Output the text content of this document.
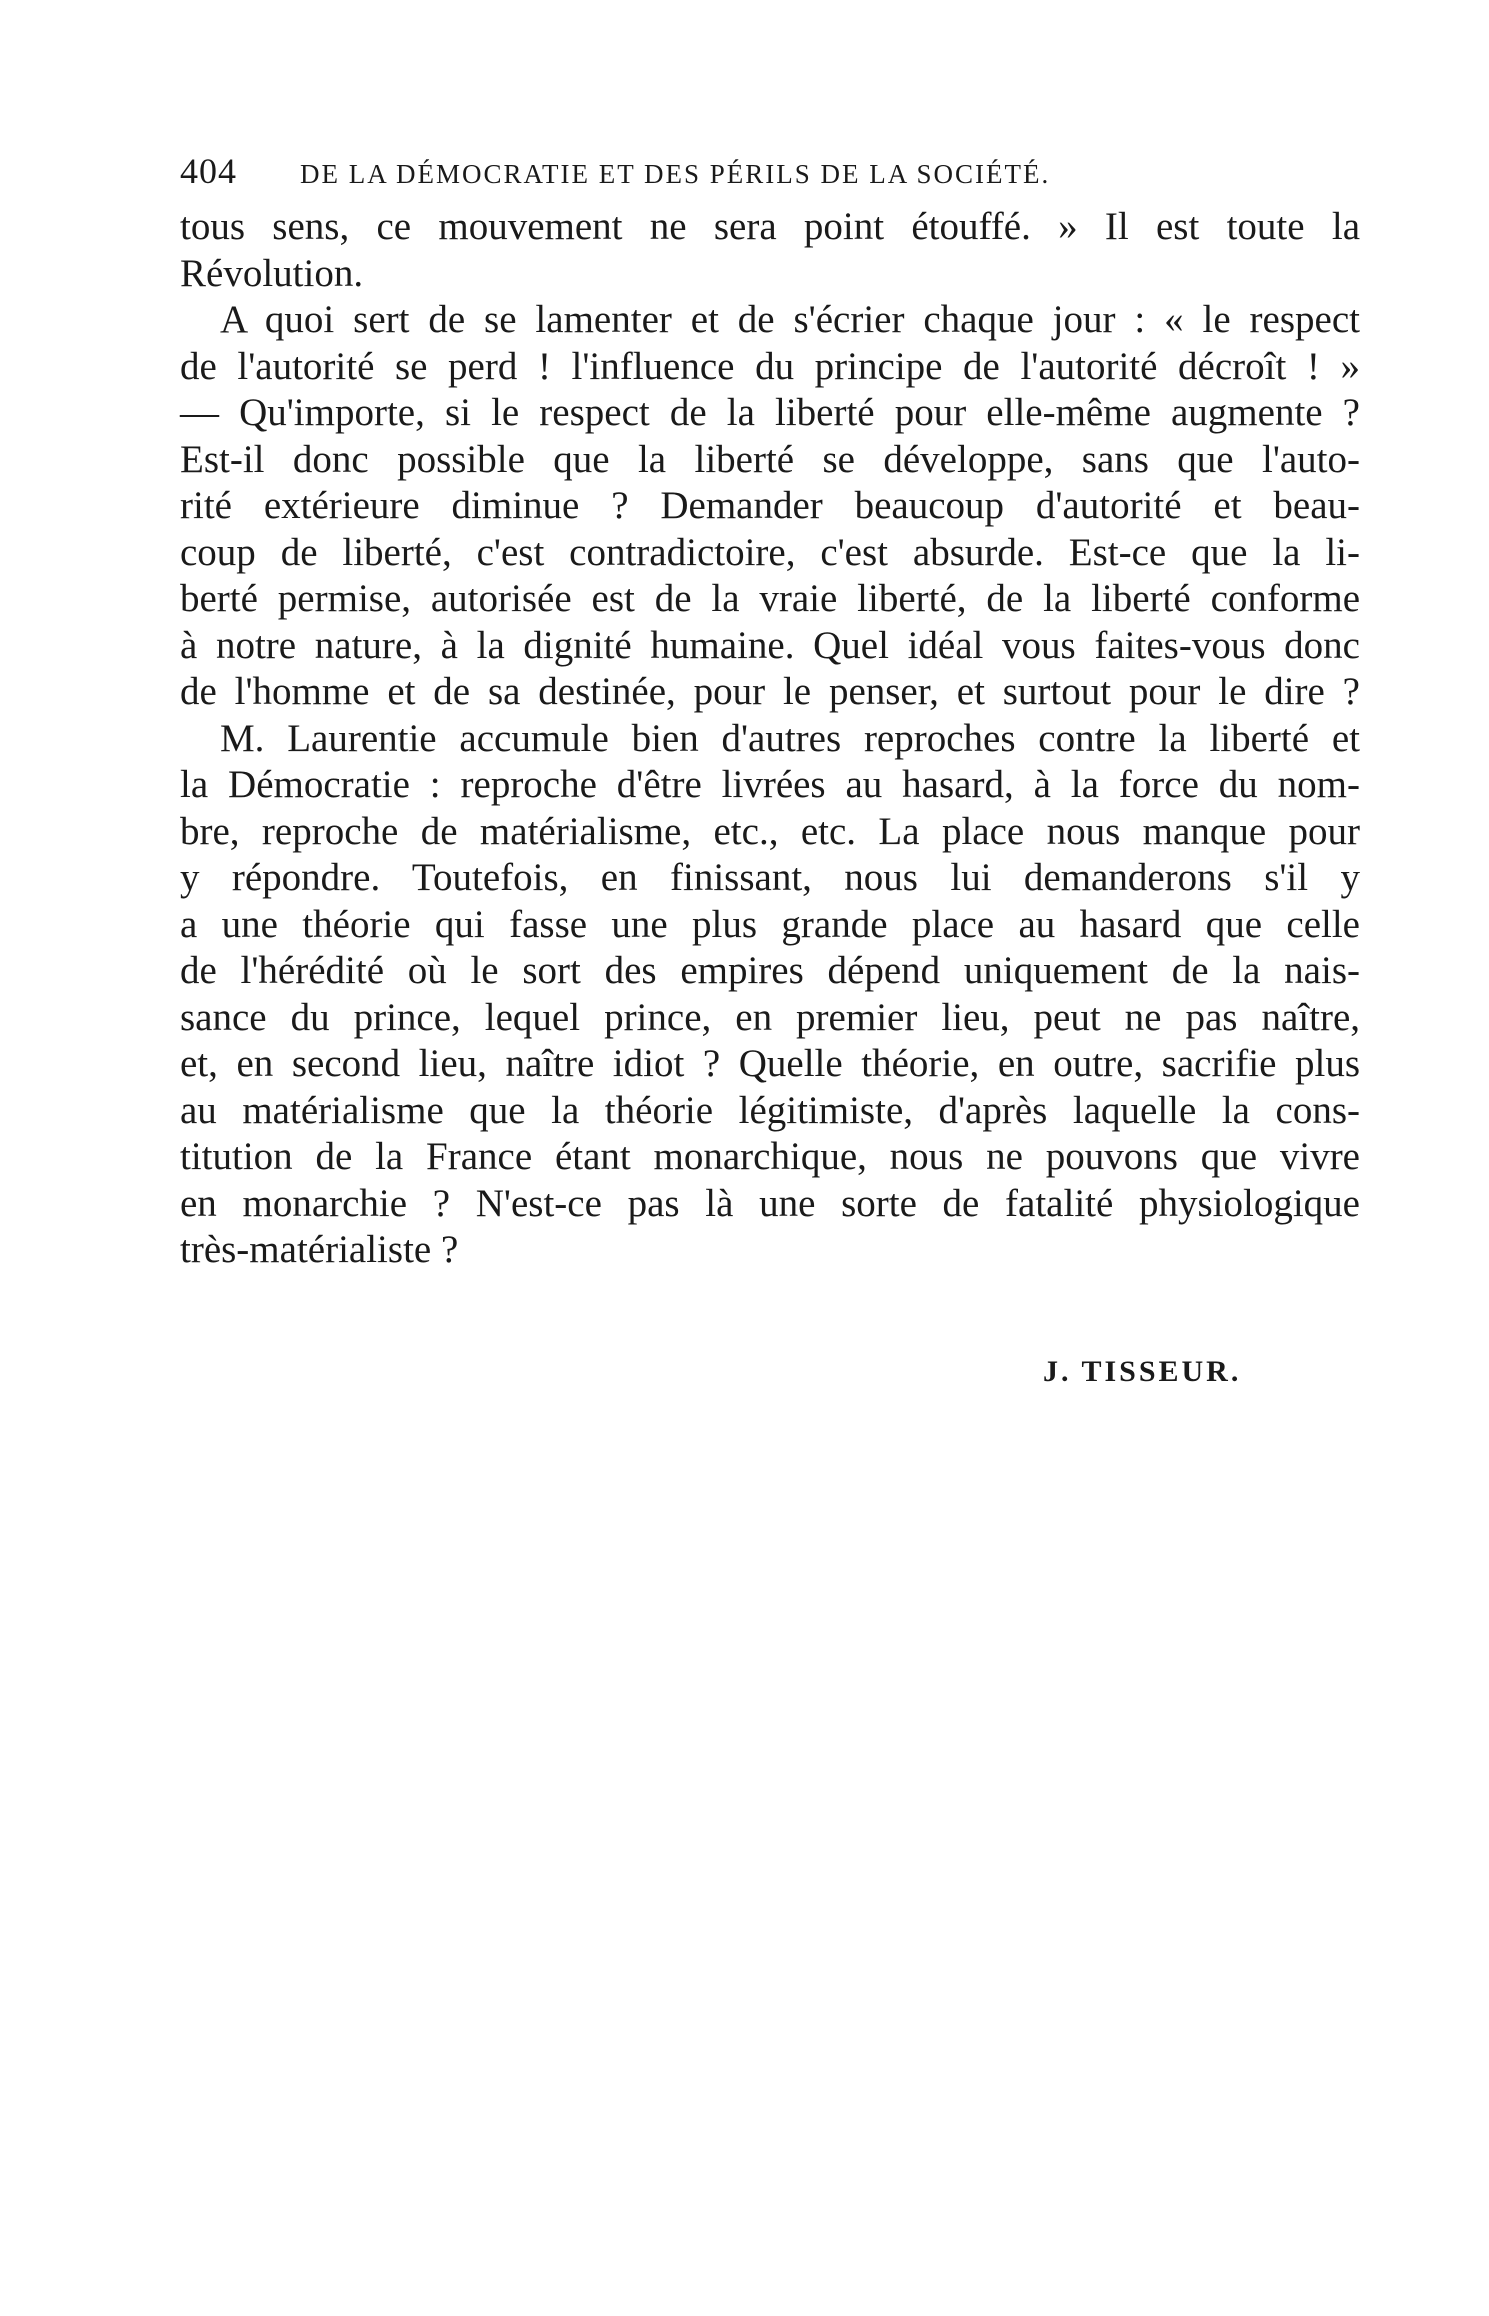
404	DE LA DÉMOCRATIE ET DES PÉRILS DE LA SOCIÉTÉ.
tous sens, ce mouvement ne sera point étouffé. » Il est toute la
Révolution.
A quoi sert de se lamenter et de s'écrier chaque jour : « le respect
de l'autorité se perd ! l'influence du principe de l'autorité décroît ! »
— Qu'importe, si le respect de la liberté pour elle-même augmente ?
Est-il donc possible que la liberté se développe, sans que l'auto-
rité extérieure diminue ? Demander beaucoup d'autorité et beau-
coup de liberté, c'est contradictoire, c'est absurde. Est-ce que la li-
berté permise, autorisée est de la vraie liberté, de la liberté conforme
à notre nature, à la dignité humaine. Quel idéal vous faites-vous donc
de l'homme et de sa destinée, pour le penser, et surtout pour le dire ?
M. Laurentie accumule bien d'autres reproches contre la liberté et
la Démocratie : reproche d'être livrées au hasard, à la force du nom-
bre, reproche de matérialisme, etc., etc. La place nous manque pour
y répondre. Toutefois, en finissant, nous lui demanderons s'il y
a une théorie qui fasse une plus grande place au hasard que celle
de l'hérédité où le sort des empires dépend uniquement de la nais-
sance du prince, lequel prince, en premier lieu, peut ne pas naître,
et, en second lieu, naître idiot ? Quelle théorie, en outre, sacrifie plus
au matérialisme que la théorie légitimiste, d'après laquelle la cons-
titution de la France étant monarchique, nous ne pouvons que vivre
en monarchie ? N'est-ce pas là une sorte de fatalité physiologique
très-matérialiste ?
J. TISSEUR.
